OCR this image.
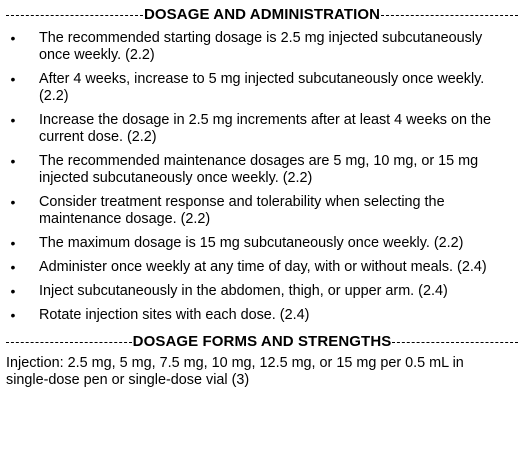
DOSAGE AND ADMINISTRATION
• The recommended starting dosage is 2.5 mg injected subcutaneously once weekly. (2.2)
• After 4 weeks, increase to 5 mg injected subcutaneously once weekly. (2.2)
• Increase the dosage in 2.5 mg increments after at least 4 weeks on the current dose. (2.2)
• The recommended maintenance dosages are 5 mg, 10 mg, or 15 mg injected subcutaneously once weekly. (2.2)
• Consider treatment response and tolerability when selecting the maintenance dosage. (2.2)
• The maximum dosage is 15 mg subcutaneously once weekly. (2.2)
• Administer once weekly at any time of day, with or without meals. (2.4)
• Inject subcutaneously in the abdomen, thigh, or upper arm. (2.4)
• Rotate injection sites with each dose. (2.4)
DOSAGE FORMS AND STRENGTHS
Injection: 2.5 mg, 5 mg, 7.5 mg, 10 mg, 12.5 mg, or 15 mg per 0.5 mL in single-dose pen or single-dose vial (3)
